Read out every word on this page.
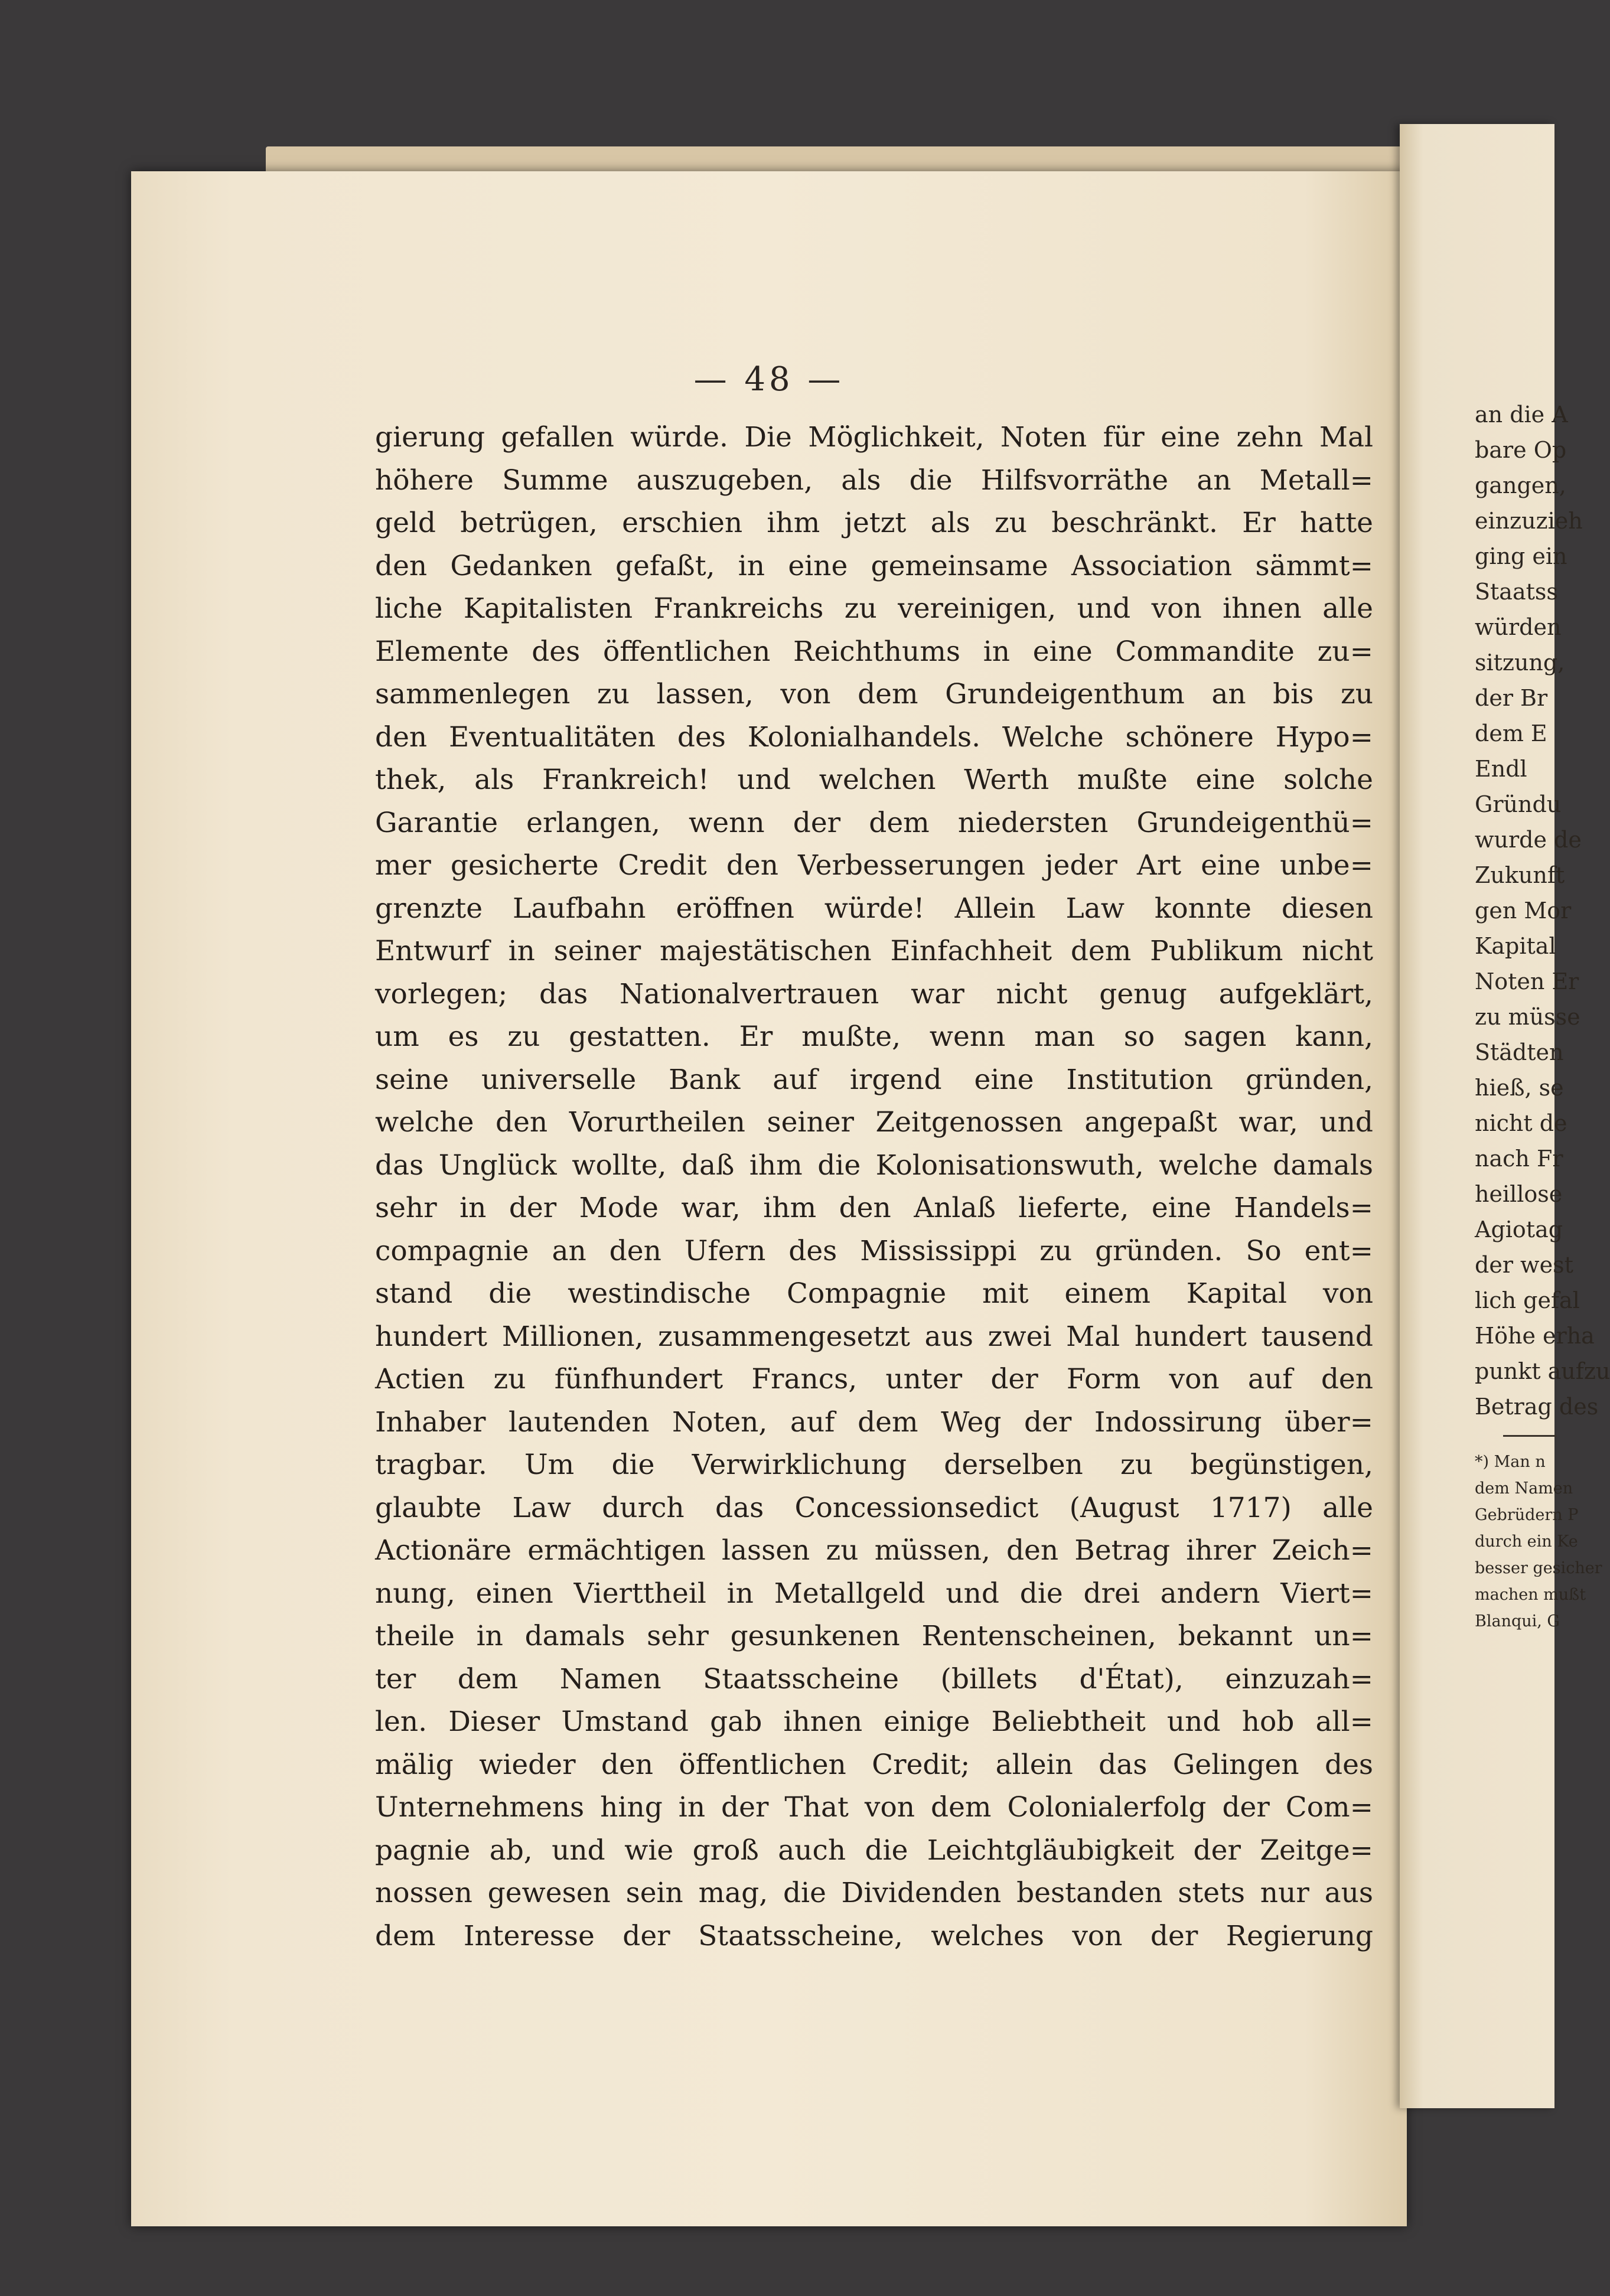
— 48 —
gierung gefallen würde. Die Möglichkeit, Noten für eine zehn Mal
höhere Summe auszugeben, als die Hilfsvorräthe an Metall=
geld betrügen, erschien ihm jetzt als zu beschränkt. Er hatte
den Gedanken gefaßt, in eine gemeinsame Association sämmt=
liche Kapitalisten Frankreichs zu vereinigen, und von ihnen alle
Elemente des öffentlichen Reichthums in eine Commandite zu=
sammenlegen zu lassen, von dem Grundeigenthum an bis zu
den Eventualitäten des Kolonialhandels. Welche schönere Hypo=
thek, als Frankreich! und welchen Werth mußte eine solche
Garantie erlangen, wenn der dem niedersten Grundeigenthü=
mer gesicherte Credit den Verbesserungen jeder Art eine unbe=
grenzte Laufbahn eröffnen würde! Allein Law konnte diesen
Entwurf in seiner majestätischen Einfachheit dem Publikum nicht
vorlegen; das Nationalvertrauen war nicht genug aufgeklärt,
um es zu gestatten. Er mußte, wenn man so sagen kann,
seine universelle Bank auf irgend eine Institution gründen,
welche den Vorurtheilen seiner Zeitgenossen angepaßt war, und
das Unglück wollte, daß ihm die Kolonisationswuth, welche damals
sehr in der Mode war, ihm den Anlaß lieferte, eine Handels=
compagnie an den Ufern des Mississippi zu gründen. So ent=
stand die westindische Compagnie mit einem Kapital von
hundert Millionen, zusammengesetzt aus zwei Mal hundert tausend
Actien zu fünfhundert Francs, unter der Form von auf den
Inhaber lautenden Noten, auf dem Weg der Indossirung über=
tragbar. Um die Verwirklichung derselben zu begünstigen,
glaubte Law durch das Concessionsedict (August 1717) alle
Actionäre ermächtigen lassen zu müssen, den Betrag ihrer Zeich=
nung, einen Vierttheil in Metallgeld und die drei andern Viert=
theile in damals sehr gesunkenen Rentenscheinen, bekannt un=
ter dem Namen Staatsscheine (billets d'État), einzuzah=
len. Dieser Umstand gab ihnen einige Beliebtheit und hob all=
mälig wieder den öffentlichen Credit; allein das Gelingen des
Unternehmens hing in der That von dem Colonialerfolg der Com=
pagnie ab, und wie groß auch die Leichtgläubigkeit der Zeitge=
nossen gewesen sein mag, die Dividenden bestanden stets nur aus
dem Interesse der Staatsscheine, welches von der Regierung
an die A
bare Op
gangen,
einzuzieh
ging ein
Staatss
würden
sitzung,
der Br
dem E
Endl
Gründu
wurde de
Zukunft
gen Mor
Kapital
Noten Er
zu müsse
Städten
hieß, se
nicht de
nach Fr
heillose
Agiotag
der west
lich gefal
Höhe erha
punkt aufzu
Betrag des
*) Man n
dem Namen
Gebrüdern P
durch ein Ke
besser gesicher
machen mußt
Blanqui, G
